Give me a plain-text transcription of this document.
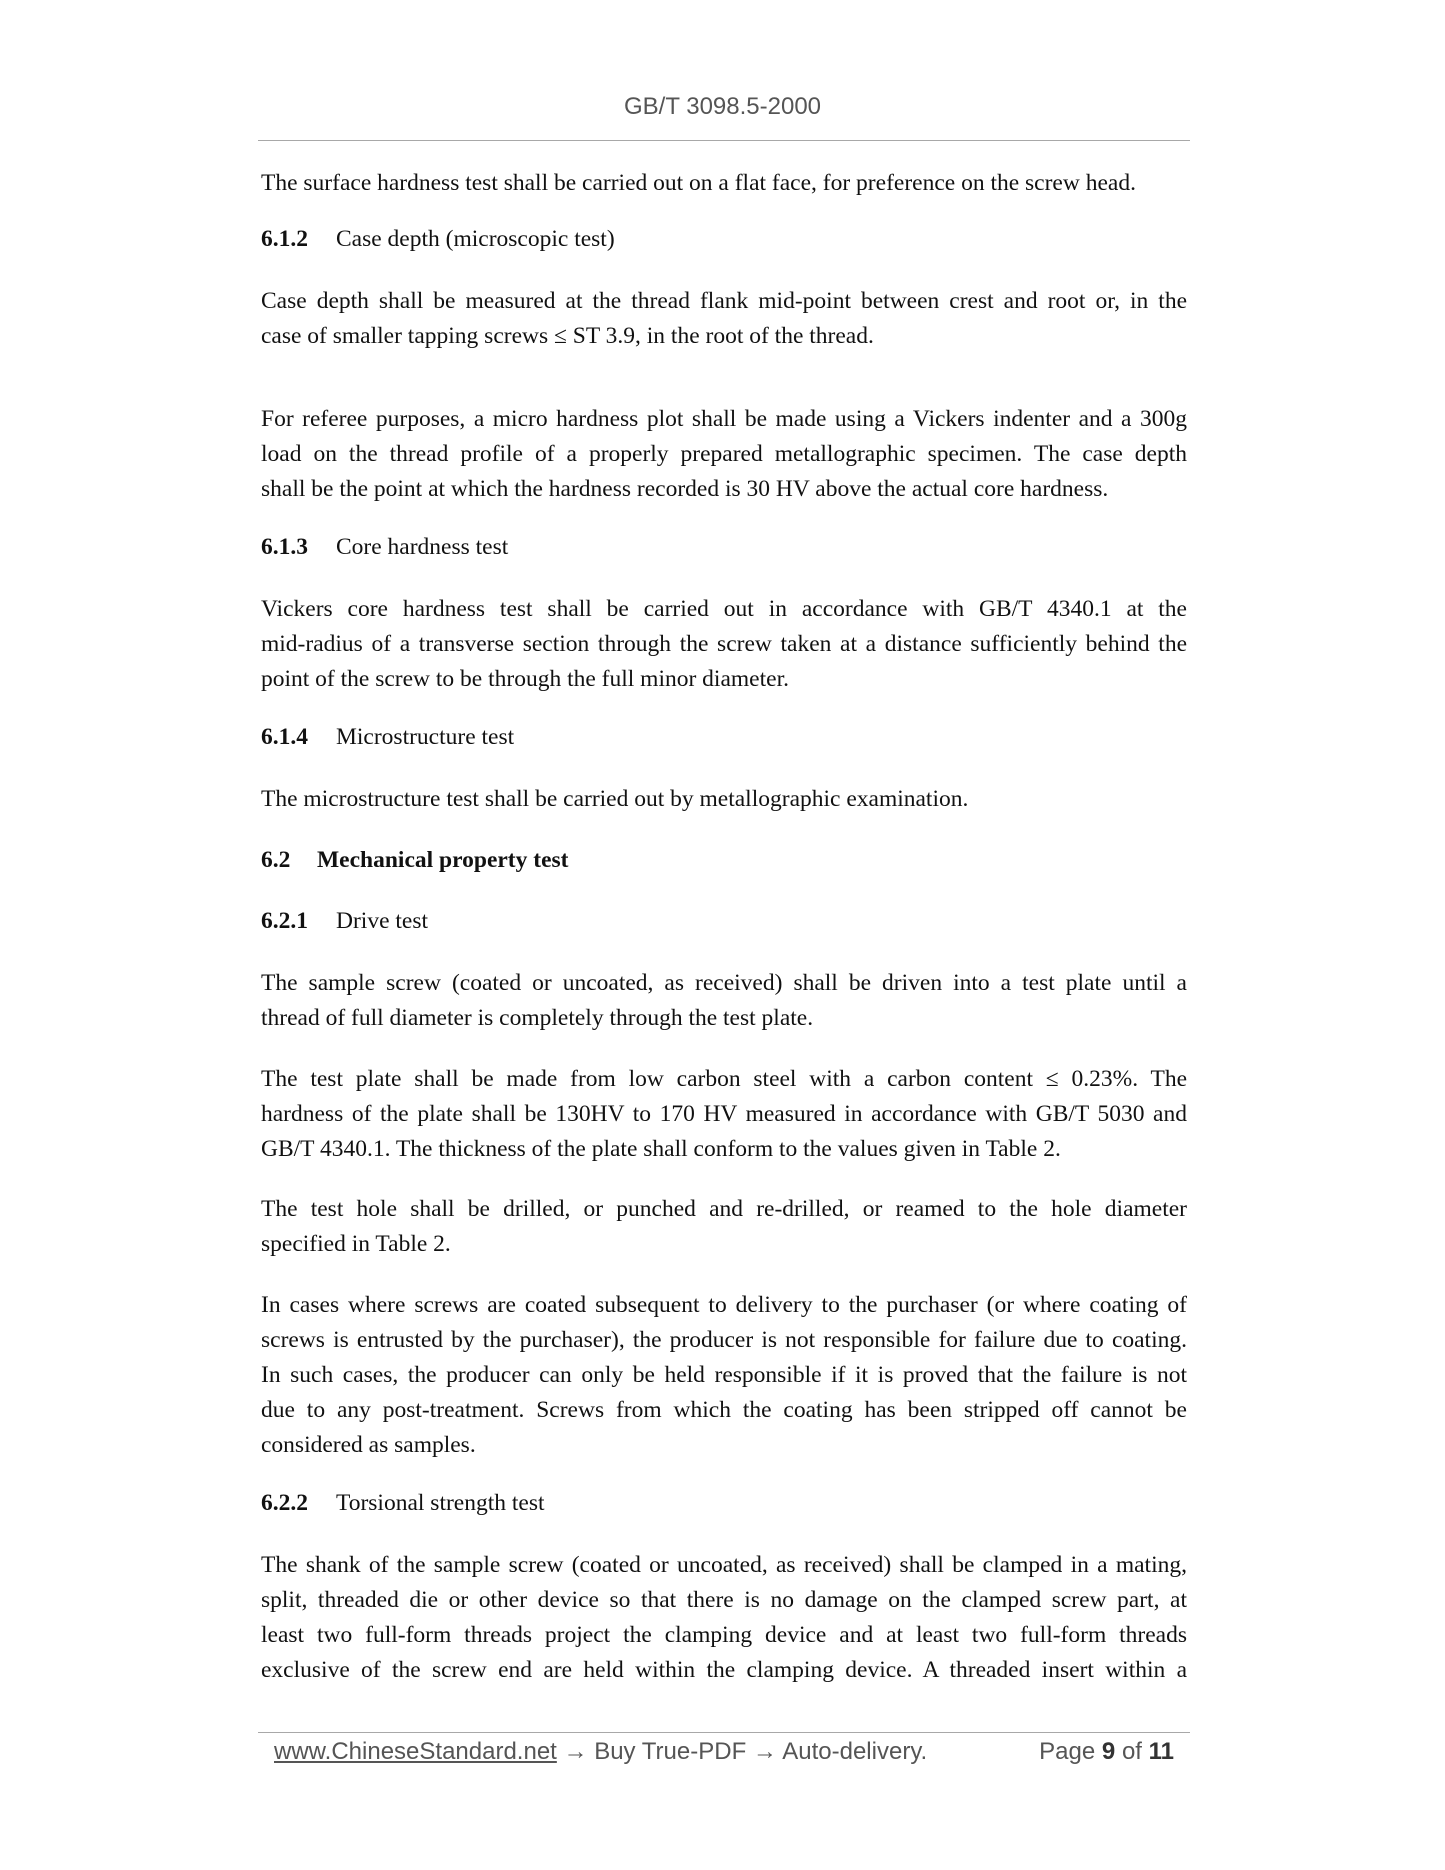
GB/T 3098.5-2000

The surface hardness test shall be carried out on a flat face, for preference on the screw head.

6.1.2 Case depth (microscopic test)

Case depth shall be measured at the thread flank mid-point between crest and root or, in the
case of smaller tapping screws ≤ ST 3.9, in the root of the thread.

For referee purposes, a micro hardness plot shall be made using a Vickers indenter and a 300g
load on the thread profile of a properly prepared metallographic specimen. The case depth
shall be the point at which the hardness recorded is 30 HV above the actual core hardness.

6.1.3 Core hardness test

Vickers core hardness test shall be carried out in accordance with GB/T 4340.1 at the
mid-radius of a transverse section through the screw taken at a distance sufficiently behind the
point of the screw to be through the full minor diameter.

6.1.4 Microstructure test

The microstructure test shall be carried out by metallographic examination.

6.2 Mechanical property test
6.2.1 Drive test

The sample screw (coated or uncoated, as received) shall be driven into a test plate until a
thread of full diameter is completely through the test plate.

The test plate shall be made from low carbon steel with a carbon content ≤ 0.23%. The
hardness of the plate shall be 130HV to 170 HV measured in accordance with GB/T 5030 and
GB/T 4340.1. The thickness of the plate shall conform to the values given in Table 2.

The test hole shall be drilled, or punched and re-drilled, or reamed to the hole diameter
specified in Table 2.

In cases where screws are coated subsequent to delivery to the purchaser (or where coating of
screws is entrusted by the purchaser), the producer is not responsible for failure due to coating.
In such cases, the producer can only be held responsible if it is proved that the failure is not
due to any post-treatment. Screws from which the coating has been stripped off cannot be
considered as samples.

6.2.2 Torsional strength test

The shank of the sample screw (coated or uncoated, as received) shall be clamped in a mating,
split, threaded die or other device so that there is no damage on the clamped screw part, at
least two full-form threads project the clamping device and at least two full-form threads
exclusive of the screw end are held within the clamping device. A threaded insert within a

www.ChineseStandard.net → Buy True-PDF → Auto-delivery.	Page 9 of 11
